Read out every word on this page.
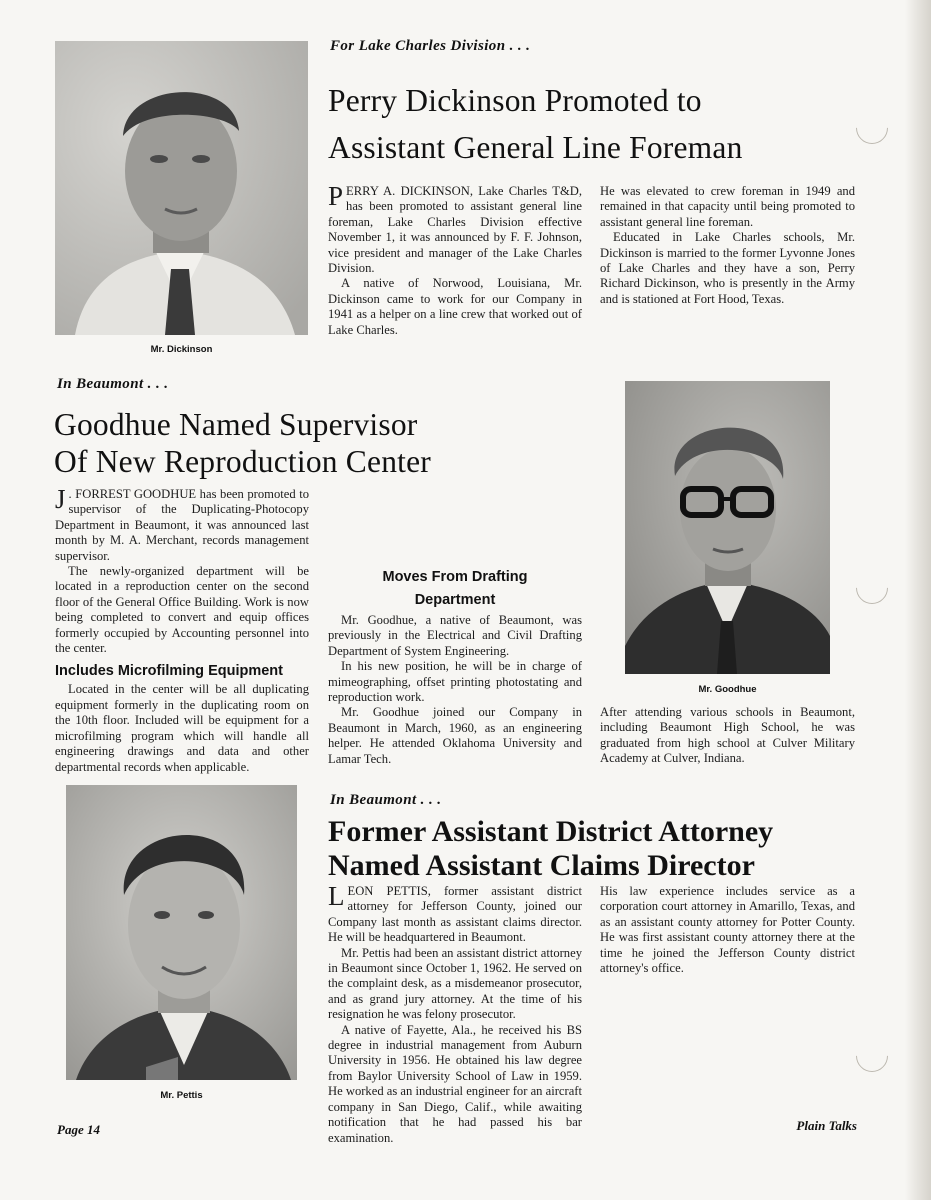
Mr. Dickinson
For Lake Charles Division . . .
Perry Dickinson Promoted to
Assistant General Line Foreman

PERRY A. DICKINSON, Lake Charles T&D, has been promoted to assistant general line foreman, Lake Charles Division effective November 1, it was announced by F. F. Johnson, vice president and manager of the Lake Charles Division.

A native of Norwood, Louisiana, Mr. Dickinson came to work for our Company in 1941 as a helper on a line crew that worked out of Lake Charles.

He was elevated to crew foreman in 1949 and remained in that capacity until being promoted to assistant general line foreman.

Educated in Lake Charles schools, Mr. Dickinson is married to the former Lyvonne Jones of Lake Charles and they have a son, Perry Richard Dickinson, who is presently in the Army and is stationed at Fort Hood, Texas.

In Beaumont . . .
Goodhue Named Supervisor
Of New Reproduction Center
Mr. Goodhue

J . FORREST GOODHUE has been promoted to supervisor of the Duplicating-Photocopy Department in Beaumont, it was announced last month by M. A. Merchant, records management supervisor.

The newly-organized department will be located in a reproduction center on the second floor of the General Office Building. Work is now being completed to convert and equip offices formerly occupied by Accounting personnel into the center.

Includes Microfilming Equipment

Located in the center will be all duplicating equipment formerly in the duplicating room on the 10th floor. Included will be equipment for a microfilming program which will handle all engineering drawings and data and other departmental records when applicable.

Moves From Drafting
Department

Mr. Goodhue, a native of Beaumont, was previously in the Electrical and Civil Drafting Department of System Engineering.

In his new position, he will be in charge of mimeographing, offset printing photostating and reproduction work.

Mr. Goodhue joined our Company in Beaumont in March, 1960, as an engineering helper. He attended Oklahoma University and Lamar Tech.

After attending various schools in Beaumont, including Beaumont High School, he was graduated from high school at Culver Military Academy at Culver, Indiana.

Mr. Pettis
In Beaumont . . .
Former Assistant District Attorney
Named Assistant Claims Director

LEON PETTIS, former assistant district attorney for Jefferson County, joined our Company last month as assistant claims director. He will be headquartered in Beaumont.

Mr. Pettis had been an assistant district attorney in Beaumont since October 1, 1962. He served on the complaint desk, as a misdemeanor prosecutor, and as grand jury attorney. At the time of his resignation he was felony prosecutor.

A native of Fayette, Ala., he received his BS degree in industrial management from Auburn University in 1956. He obtained his law degree from Baylor University School of Law in 1959. He worked as an industrial engineer for an aircraft company in San Diego, Calif., while awaiting notification that he had passed his bar examination.

His law experience includes service as a corporation court attorney in Amarillo, Texas, and as an assistant county attorney for Potter County. He was first assistant county attorney there at the time he joined the Jefferson County district attorney's office.

Page 14	Plain Talks
